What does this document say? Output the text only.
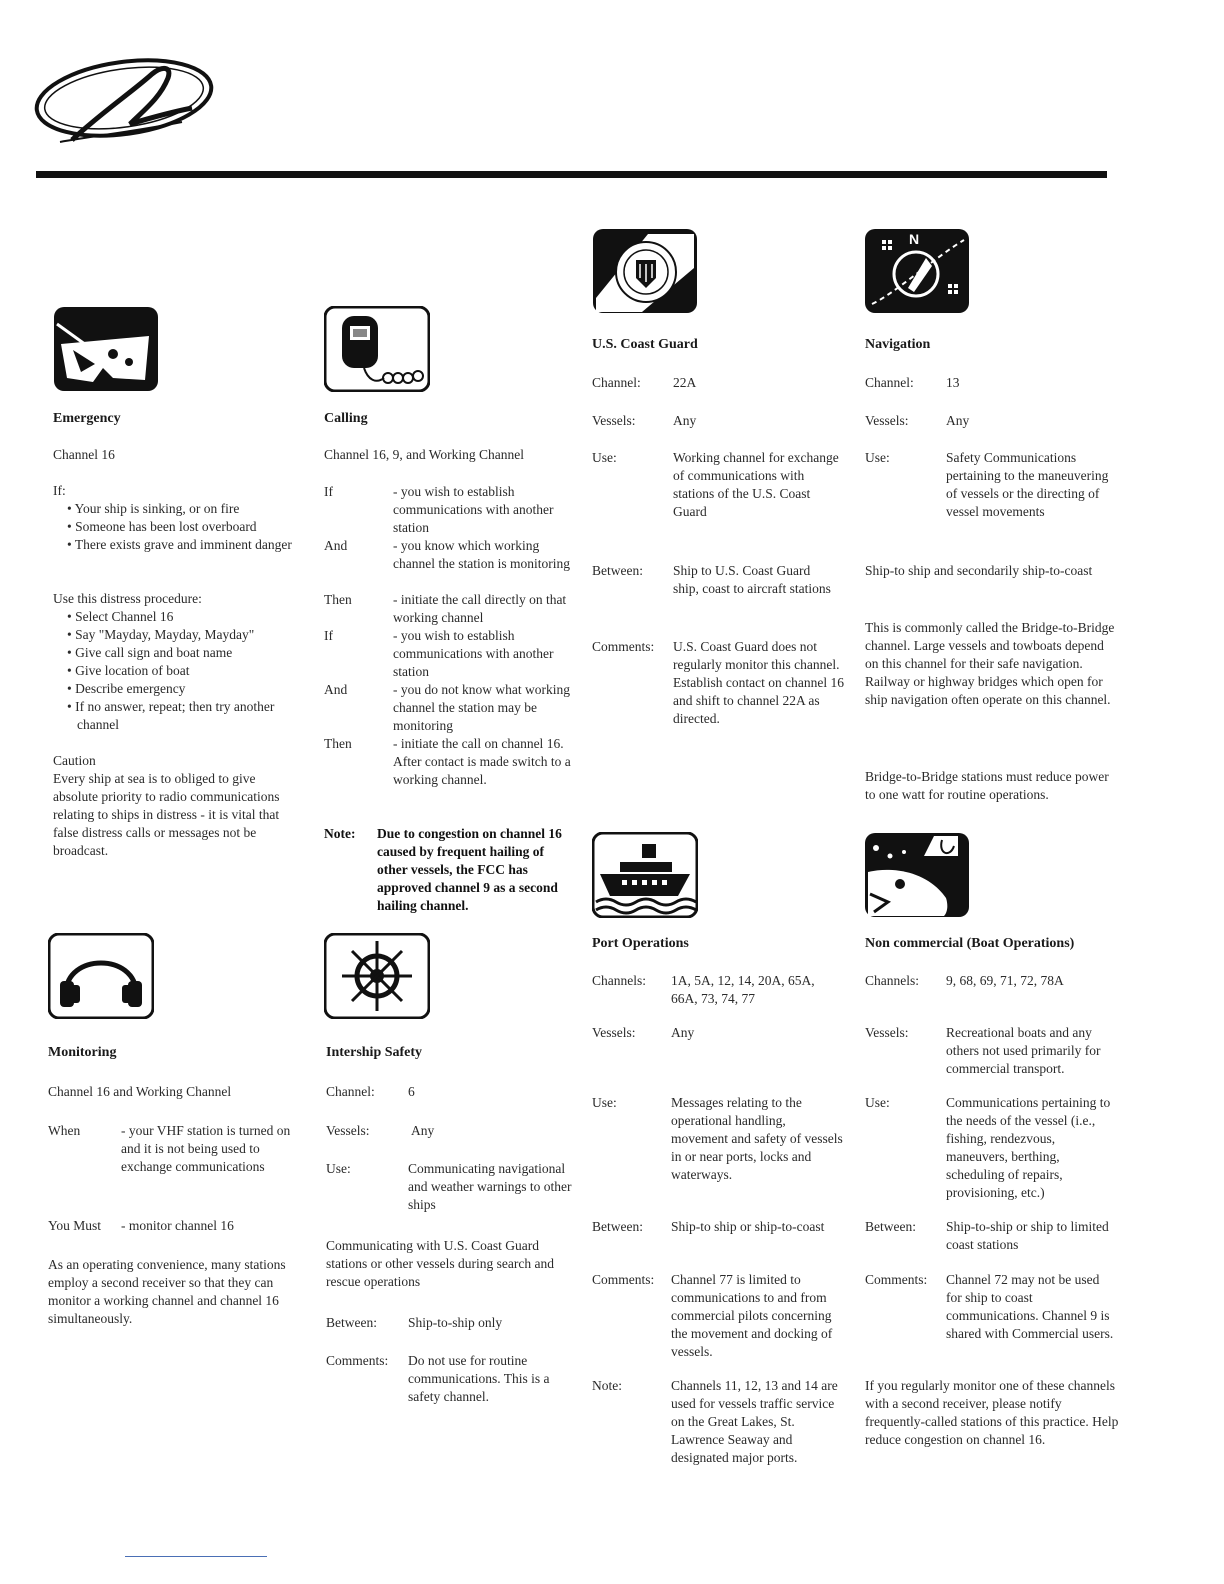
Emergency
Channel 16
If:
• Your ship is sinking, or on fire
• Someone has been lost overboard
• There exists grave and imminent danger
Use this distress procedure:
• Select Channel 16
• Say "Mayday, Mayday, Mayday"
• Give call sign and boat name
• Give location of boat
• Describe emergency
• If no answer, repeat; then try another channel
Caution
Every ship at sea is to obliged to give absolute priority to radio communications relating to ships in distress - it is vital that false distress calls or messages not be broadcast.
Calling
Channel 16, 9, and Working Channel
If	- you wish to establish communications with another station
And	- you know which working channel the station is monitoring
Then	- initiate the call directly on that working channel
If	- you wish to establish communications with another station
And	- you do not know what working channel the station may be monitoring
Then	- initiate the call on channel 16. After contact is made switch to a working channel.
Note: Due to congestion on channel 16 caused by frequent hailing of other vessels, the FCC has approved channel 9 as a second hailing channel.
U.S. Coast Guard
Channel: 22A
Vessels:	Any
Use:	Working channel for exchange of communications with stations of the U.S. Coast Guard
Between: Ship to U.S. Coast Guard ship, coast to aircraft stations
Comments: U.S. Coast Guard does not regularly monitor this channel. Establish contact on channel 16 and shift to channel 22A as directed.
N
Navigation
Channel: 13
Vessels:	Any
Use:	Safety Communications pertaining to the maneuvering of vessels or the directing of vessel movements
Ship-to ship and secondarily ship-to-coast
This is commonly called the Bridge-to-Bridge channel. Large vessels and towboats depend on this channel for their safe navigation. Railway or highway bridges which open for ship navigation often operate on this channel.
Bridge-to-Bridge stations must reduce power to one watt for routine operations.
Monitoring
Channel 16 and Working Channel
When	- your VHF station is turned on and it is not being used to exchange communications
You Must - monitor channel 16
As an operating convenience, many stations employ a second receiver so that they can monitor a working channel and channel 16 simultaneously.
Intership Safety
Channel: 6
Vessels:	Any
Use:	Communicating navigational and weather warnings to other ships
Communicating with U.S. Coast Guard stations or other vessels during search and rescue operations
Between: Ship-to-ship only
Comments: Do not use for routine communications. This is a safety channel.
Port Operations
Channels: 1A, 5A, 12, 14, 20A, 65A, 66A, 73, 74, 77
Vessels:	Any
Use:	Messages relating to the operational handling, movement and safety of vessels in or near ports, locks and waterways.
Between: Ship-to ship or ship-to-coast
Comments: Channel 77 is limited to communications to and from commercial pilots concerning the movement and docking of vessels.
Note:	Channels 11, 12, 13 and 14 are used for vessels traffic service on the Great Lakes, St. Lawrence Seaway and designated major ports.
Non commercial (Boat Operations)
Channels: 9, 68, 69, 71, 72, 78A
Vessels:	Recreational boats and any others not used primarily for commercial transport.
Use:	Communications pertaining to the needs of the vessel (i.e., fishing, rendezvous, maneuvers, berthing, scheduling of repairs, provisioning, etc.)
Between: Ship-to-ship or ship to limited coast stations
Comments: Channel 72 may not be used for ship to coast communications. Channel 9 is shared with Commercial users.
If you regularly monitor one of these channels with a second receiver, please notify frequently-called stations of this practice. Help reduce congestion on channel 16.
